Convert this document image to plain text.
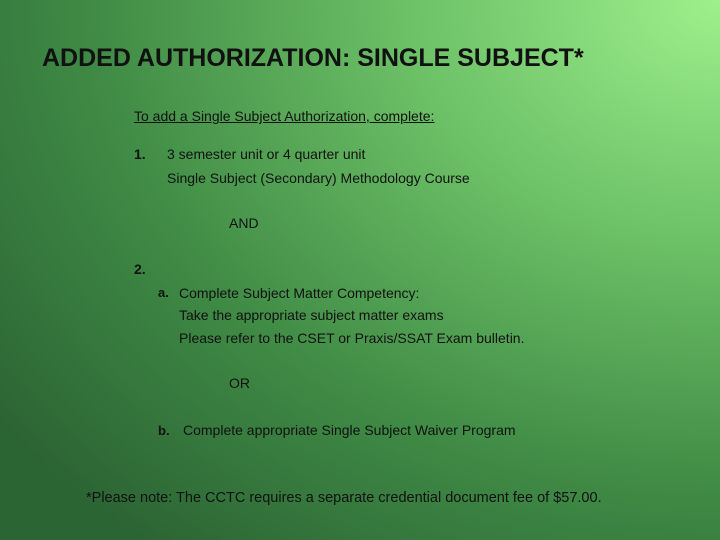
ADDED AUTHORIZATION: SINGLE SUBJECT*
To add a Single Subject Authorization, complete:
1. 3 semester unit or 4 quarter unit
Single Subject (Secondary) Methodology Course
AND
2.
a. Complete Subject Matter Competency:
Take the appropriate subject matter exams
Please refer to the CSET or Praxis/SSAT Exam bulletin.
OR
b. Complete appropriate Single Subject Waiver Program
*Please note: The CCTC requires a separate credential document fee of $57.00.
